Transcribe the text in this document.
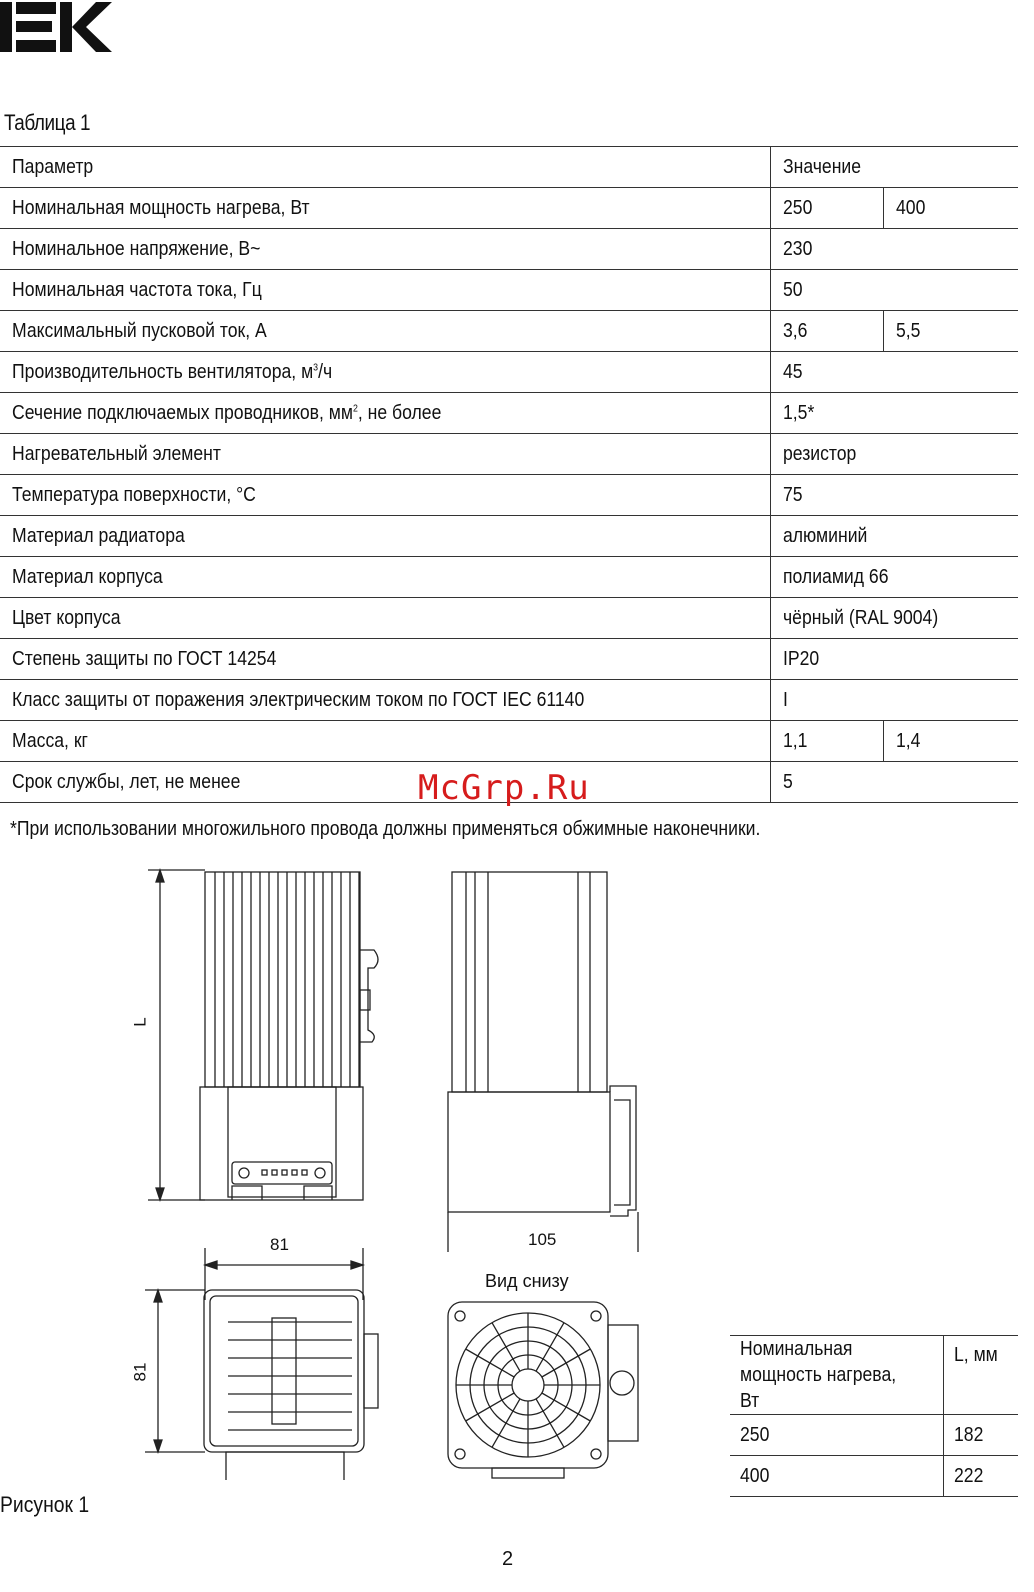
Таблица 1
Параметр	Значение	
Номинальная мощность нагрева, Вт	250	400
Номинальное напряжение, В~	230	
Номинальная частота тока, Гц	50	
Максимальный пусковой ток, А	3,6	5,5
Производительность вентилятора, $м^3/ч$	45	
Сечение подключаемых проводников, $мм^2$, не более	1,5*	
Нагревательный элемент	резистор	
Температура поверхности, °С	75	
Материал радиатора	алюминий	
Материал корпуса	полиамид 66	
Цвет корпуса	чёрный (RAL 9004)	
Степень защиты по ГОСТ 14254	IP20	
Класс защиты от поражения электрическим током по ГОСТ IEC 61140	I	
Масса, кг	1,1	1,4
Срок службы, лет, не менее	5	
*При использовании многожильного провода должны применяться обжимные наконечники.
McGrp.Ru
L
81	105
81
Вид снизу
Номинальная мощность нагрева, Вт	L, мм
250	182
400	222
Рисунок 1
2
